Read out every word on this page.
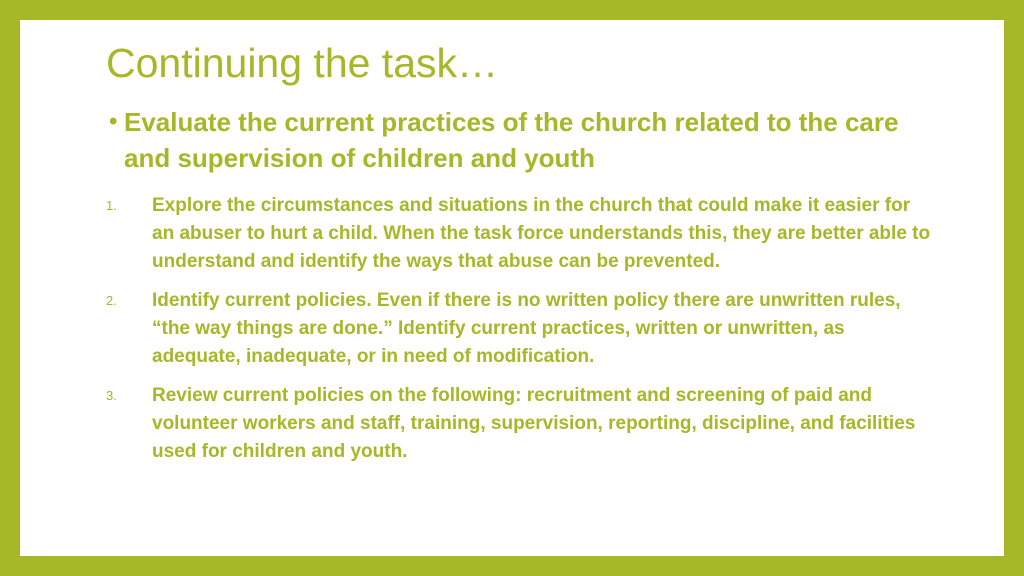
Continuing the task…
• Evaluate the current practices of the church related to the care and supervision of children and youth
1.	Explore the circumstances and situations in the church that could make it easier for an abuser to hurt a child. When the task force understands this, they are better able to understand and identify the ways that abuse can be prevented.
2.	Identify current policies. Even if there is no written policy there are unwritten rules, “the way things are done.” Identify current practices, written or unwritten, as adequate, inadequate, or in need of modification.
3.	Review current policies on the following: recruitment and screening of paid and volunteer workers and staff, training, supervision, reporting, discipline, and facilities used for children and youth.
